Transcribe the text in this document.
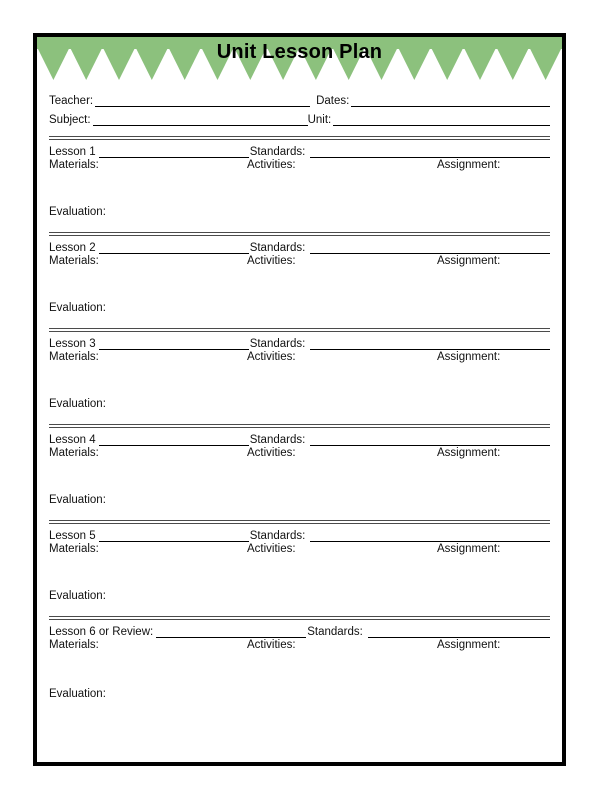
Unit Lesson Plan
Teacher:	Dates:
Subject:	Unit:
Lesson 1	Standards:
Materials:	Activities:	Assignment:
Evaluation:
Lesson 2	Standards:
Materials:	Activities:	Assignment:
Evaluation:
Lesson 3	Standards:
Materials:	Activities:	Assignment:
Evaluation:
Lesson 4	Standards:
Materials:	Activities:	Assignment:
Evaluation:
Lesson 5	Standards:
Materials:	Activities:	Assignment:
Evaluation:
Lesson 6 or Review:	Standards:
Materials:	Activities:	Assignment:
Evaluation:
